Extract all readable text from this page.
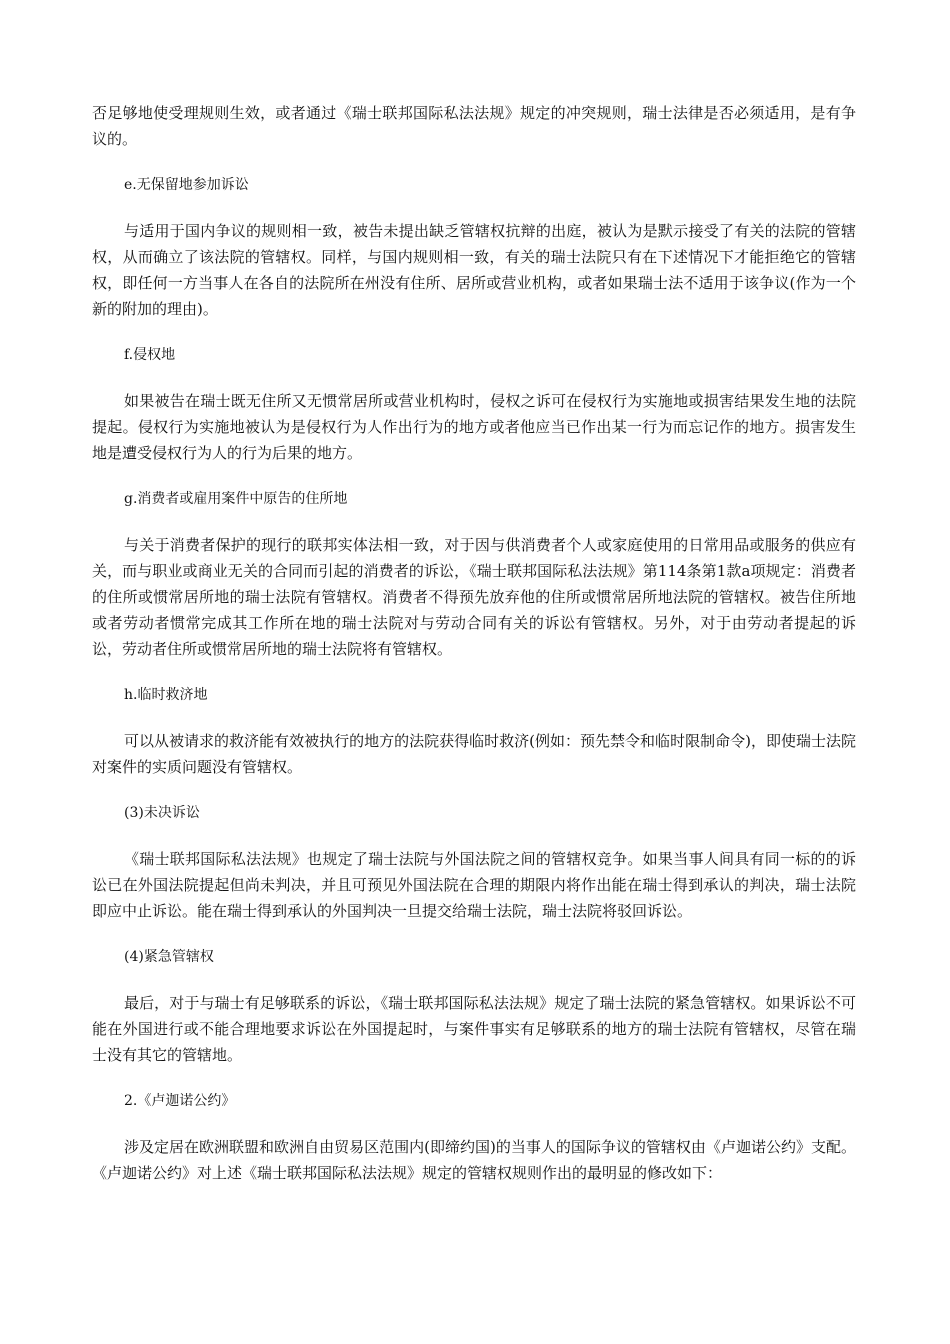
否足够地使受理规则生效，或者通过《瑞士联邦国际私法法规》规定的冲突规则，瑞士法律是否必须适用，是有争议的。

e.无保留地参加诉讼

与适用于国内争议的规则相一致，被告未提出缺乏管辖权抗辩的出庭，被认为是默示接受了有关的法院的管辖权，从而确立了该法院的管辖权。同样，与国内规则相一致，有关的瑞士法院只有在下述情况下才能拒绝它的管辖权，即任何一方当事人在各自的法院所在州没有住所、居所或营业机构，或者如果瑞士法不适用于该争议(作为一个新的附加的理由)。

f.侵权地

如果被告在瑞士既无住所又无惯常居所或营业机构时，侵权之诉可在侵权行为实施地或损害结果发生地的法院提起。侵权行为实施地被认为是侵权行为人作出行为的地方或者他应当已作出某一行为而忘记作的地方。损害发生地是遭受侵权行为人的行为后果的地方。

g.消费者或雇用案件中原告的住所地

与关于消费者保护的现行的联邦实体法相一致，对于因与供消费者个人或家庭使用的日常用品或服务的供应有关，而与职业或商业无关的合同而引起的消费者的诉讼，《瑞士联邦国际私法法规》第114条第1款a项规定：消费者的住所或惯常居所地的瑞士法院有管辖权。消费者不得预先放弃他的住所或惯常居所地法院的管辖权。被告住所地或者劳动者惯常完成其工作所在地的瑞士法院对与劳动合同有关的诉讼有管辖权。另外，对于由劳动者提起的诉讼，劳动者住所或惯常居所地的瑞士法院将有管辖权。

h.临时救济地

可以从被请求的救济能有效被执行的地方的法院获得临时救济(例如：预先禁令和临时限制命令)，即使瑞士法院对案件的实质问题没有管辖权。

(3)未决诉讼

《瑞士联邦国际私法法规》也规定了瑞士法院与外国法院之间的管辖权竞争。如果当事人间具有同一标的的诉讼已在外国法院提起但尚未判决，并且可预见外国法院在合理的期限内将作出能在瑞士得到承认的判决，瑞士法院即应中止诉讼。能在瑞士得到承认的外国判决一旦提交给瑞士法院，瑞士法院将驳回诉讼。

(4)紧急管辖权

最后，对于与瑞士有足够联系的诉讼，《瑞士联邦国际私法法规》规定了瑞士法院的紧急管辖权。如果诉讼不可能在外国进行或不能合理地要求诉讼在外国提起时，与案件事实有足够联系的地方的瑞士法院有管辖权，尽管在瑞士没有其它的管辖地。

2.《卢迦诺公约》

涉及定居在欧洲联盟和欧洲自由贸易区范围内(即缔约国)的当事人的国际争议的管辖权由《卢迦诺公约》支配。《卢迦诺公约》对上述《瑞士联邦国际私法法规》规定的管辖权规则作出的最明显的修改如下：
